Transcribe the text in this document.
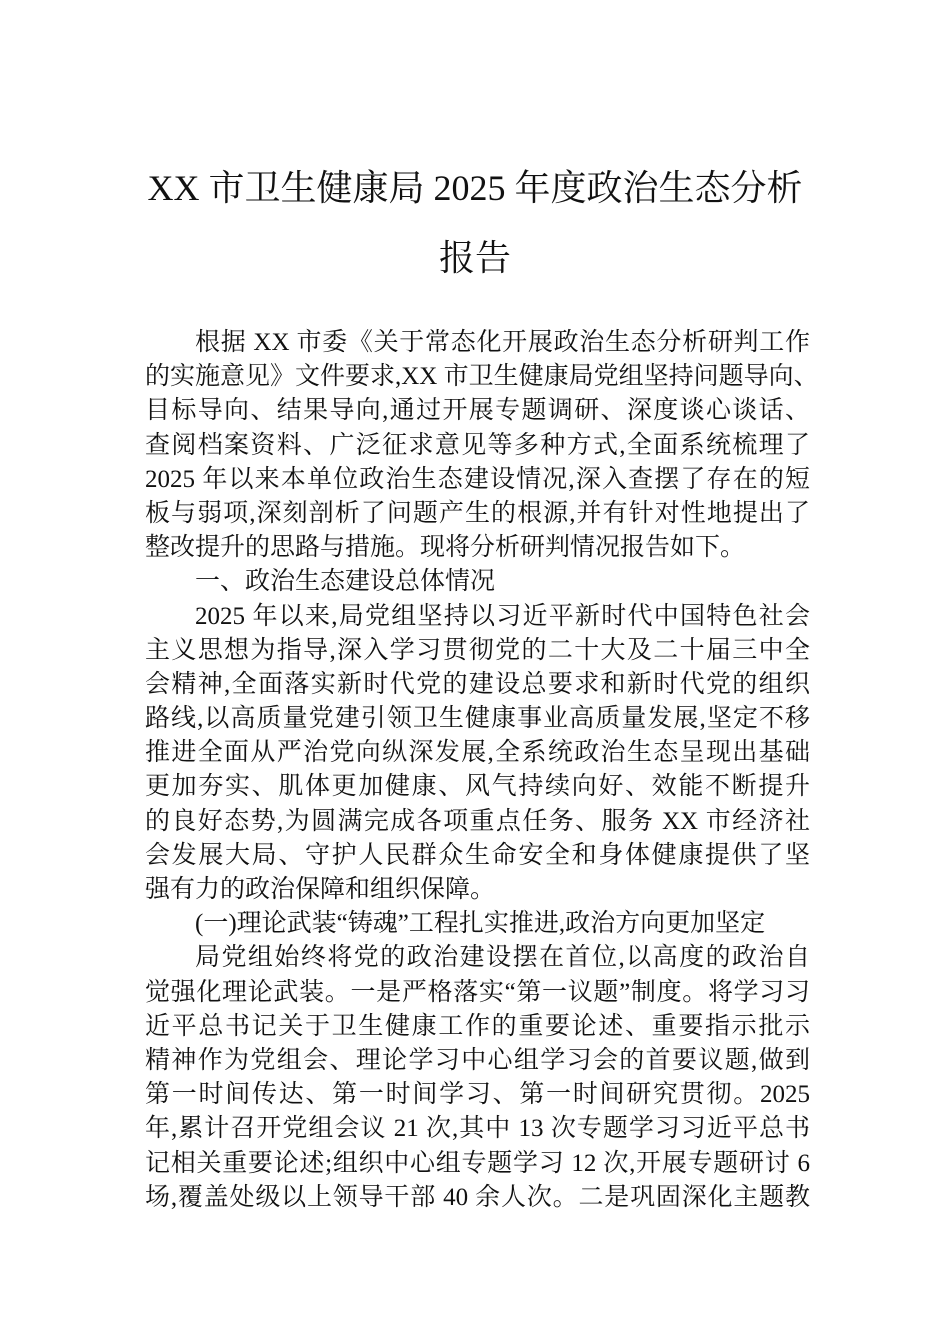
XX 市卫生健康局 2025 年度政治生态分析
报告
根据 XX 市委《关于常态化开展政治生态分析研判工作
的实施意见》文件要求,XX 市卫生健康局党组坚持问题导向、
目标导向、结果导向,通过开展专题调研、深度谈心谈话、
查阅档案资料、广泛征求意见等多种方式,全面系统梳理了
2025 年以来本单位政治生态建设情况,深入查摆了存在的短
板与弱项,深刻剖析了问题产生的根源,并有针对性地提出了
整改提升的思路与措施。现将分析研判情况报告如下。
一、政治生态建设总体情况
2025 年以来,局党组坚持以习近平新时代中国特色社会
主义思想为指导,深入学习贯彻党的二十大及二十届三中全
会精神,全面落实新时代党的建设总要求和新时代党的组织
路线,以高质量党建引领卫生健康事业高质量发展,坚定不移
推进全面从严治党向纵深发展,全系统政治生态呈现出基础
更加夯实、肌体更加健康、风气持续向好、效能不断提升
的良好态势,为圆满完成各项重点任务、服务 XX 市经济社
会发展大局、守护人民群众生命安全和身体健康提供了坚
强有力的政治保障和组织保障。
(一)理论武装“铸魂”工程扎实推进,政治方向更加坚定
局党组始终将党的政治建设摆在首位,以高度的政治自
觉强化理论武装。一是严格落实“第一议题”制度。将学习习
近平总书记关于卫生健康工作的重要论述、重要指示批示
精神作为党组会、理论学习中心组学习会的首要议题,做到
第一时间传达、第一时间学习、第一时间研究贯彻。2025
年,累计召开党组会议 21 次,其中 13 次专题学习习近平总书
记相关重要论述;组织中心组专题学习 12 次,开展专题研讨 6
场,覆盖处级以上领导干部 40 余人次。二是巩固深化主题教
